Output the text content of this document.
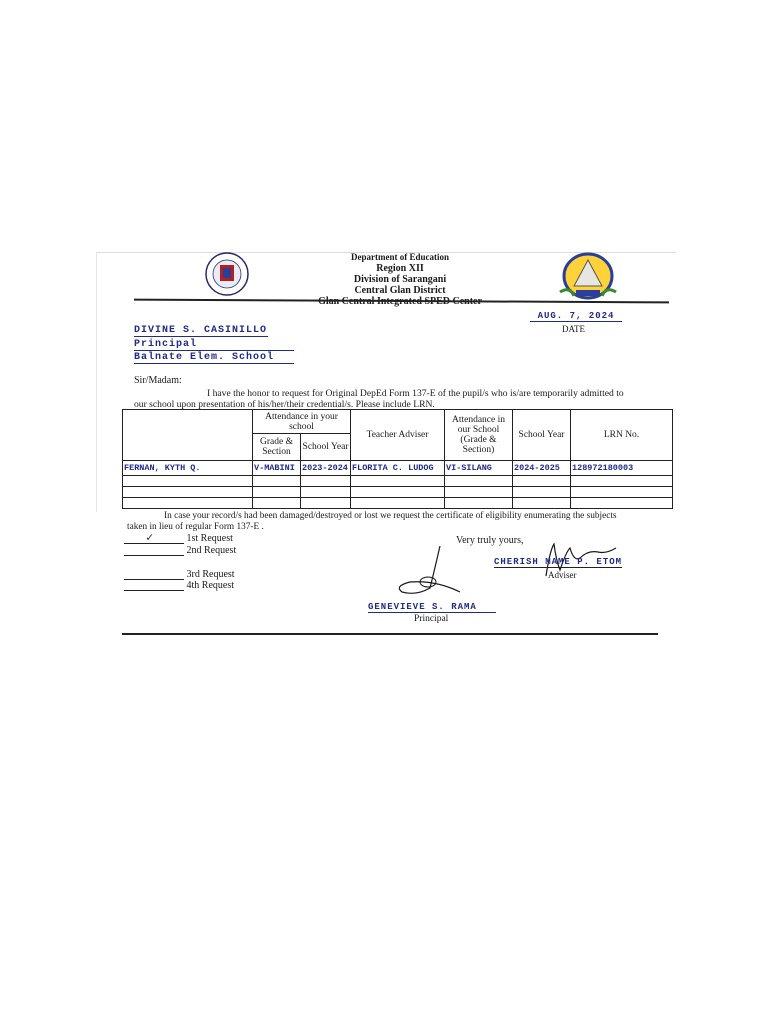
Department of Education
Region XII
Division of Sarangani
Central Glan District
AUG. 7, 2024
DATE
DIVINE S. CASINILLO
Principal
Balnate Elem. School
Sir/Madam:
I have the honor to request for Original DepEd Form 137-E of the pupil/s who is/are temporarily admitted to
our school upon presentation of his/her/their credential/s. Please include LRN.
	Attendance in your school		Teacher Adviser	Attendance in our School (Grade & Section)	School Year	LRN No.
	Grade & Section	School Year				
FERNAN, KYTH Q.	V-MABINI	2023-2024	FLORITA C. LUDOG	VI-SILANG	2024-2025	128972180003

In case your record/s had been damaged/destroyed or lost we request the certificate of eligibility enumerating the subjects
taken in lieu of regular Form 137-E .
✓	1st Request
2nd Request
3rd Request
4th Request
Very truly yours,
CHERISH MAME P. ETOM
Adviser
GENEVIEVE S. RAMA
Principal
